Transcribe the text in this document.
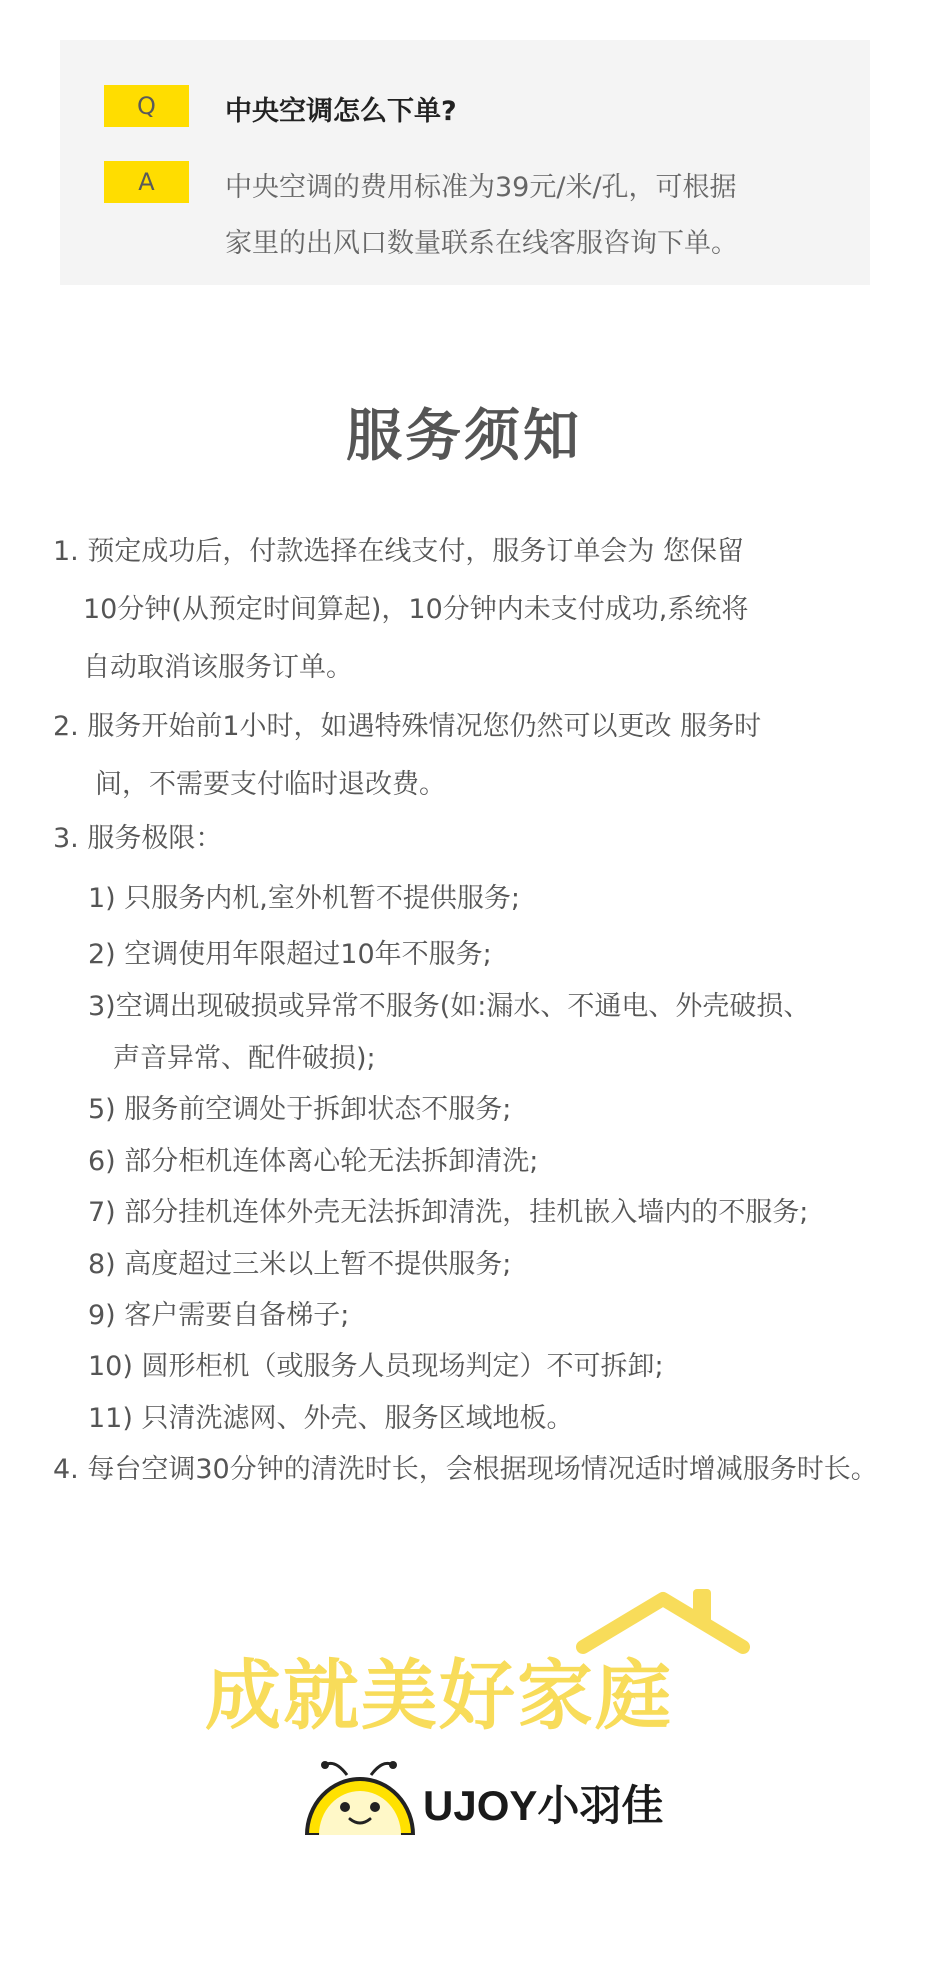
Q	中央空调怎么下单?
A	中央空调的费用标准为39元/米/孔，可根据
家里的出风口数量联系在线客服咨询下单。
服务须知
1. 预定成功后，付款选择在线支付，服务订单会为 您保留
10分钟(从预定时间算起)，10分钟内未支付成功,系统将
自动取消该服务订单。
2. 服务开始前1小时，如遇特殊情况您仍然可以更改 服务时
间，不需要支付临时退改费。
3. 服务极限：
1) 只服务内机,室外机暂不提供服务;
2) 空调使用年限超过10年不服务;
3)空调出现破损或异常不服务(如:漏水、不通电、外壳破损、
声音异常、配件破损);
5) 服务前空调处于拆卸状态不服务;
6) 部分柜机连体离心轮无法拆卸清洗;
7) 部分挂机连体外壳无法拆卸清洗，挂机嵌入墙内的不服务;
8) 高度超过三米以上暂不提供服务;
9) 客户需要自备梯子;
10) 圆形柜机（或服务人员现场判定）不可拆卸;
11) 只清洗滤网、外壳、服务区域地板。
4. 每台空调30分钟的清洗时长，会根据现场情况适时增减服务时长。
成就美好家庭
UJOY小羽佳
